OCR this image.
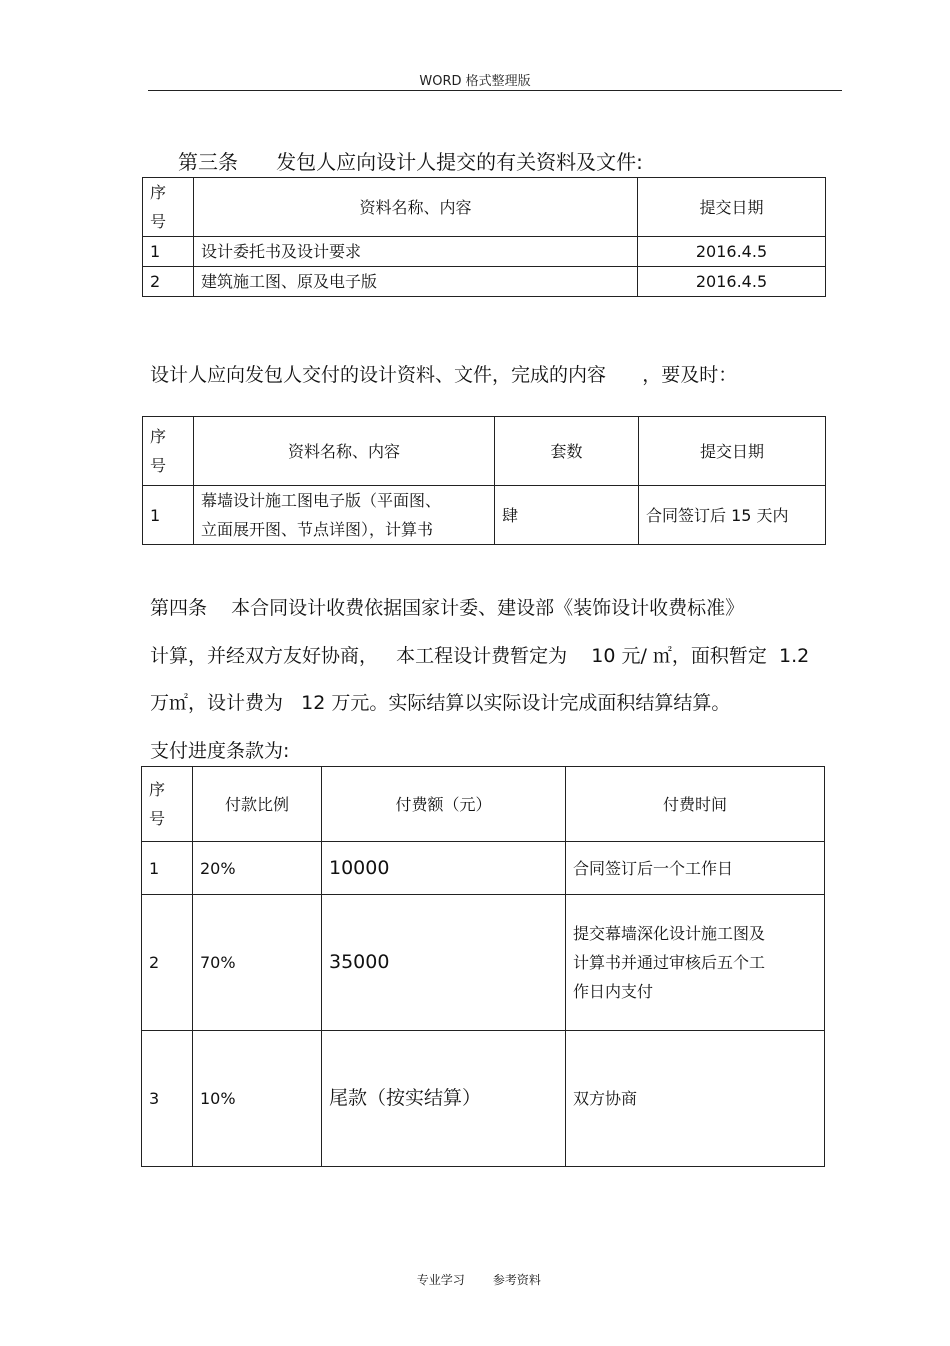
WORD 格式整理版
第三条      发包人应向设计人提交的有关资料及文件:
序
号	资料名称、内容	提交日期
1	设计委托书及设计要求	2016.4.5
2	建筑施工图、原及电子版	2016.4.5
设计人应向发包人交付的设计资料、文件，完成的内容      ，要及时：
序
号	资料名称、内容	套数	提交日期
1	幕墙设计施工图电子版（平面图、
立面展开图、节点详图），计算书	肆	合同签订后 15 天内
第四条    本合同设计收费依据国家计委、建设部《装饰设计收费标准》
计算，并经双方友好协商，   本工程设计费暂定为    10 元/ ㎡，面积暂定  1.2
万㎡，设计费为   12 万元。实际结算以实际设计完成面积结算结算。
支付进度条款为:
序
号	付款比例	付费额（元）	付费时间
1	20%	10000	合同签订后一个工作日
2	70%	35000	提交幕墙深化设计施工图及
计算书并通过审核后五个工
作日内支付

3	10%	尾款（按实结算）	双方协商

专业学习 参考资料
